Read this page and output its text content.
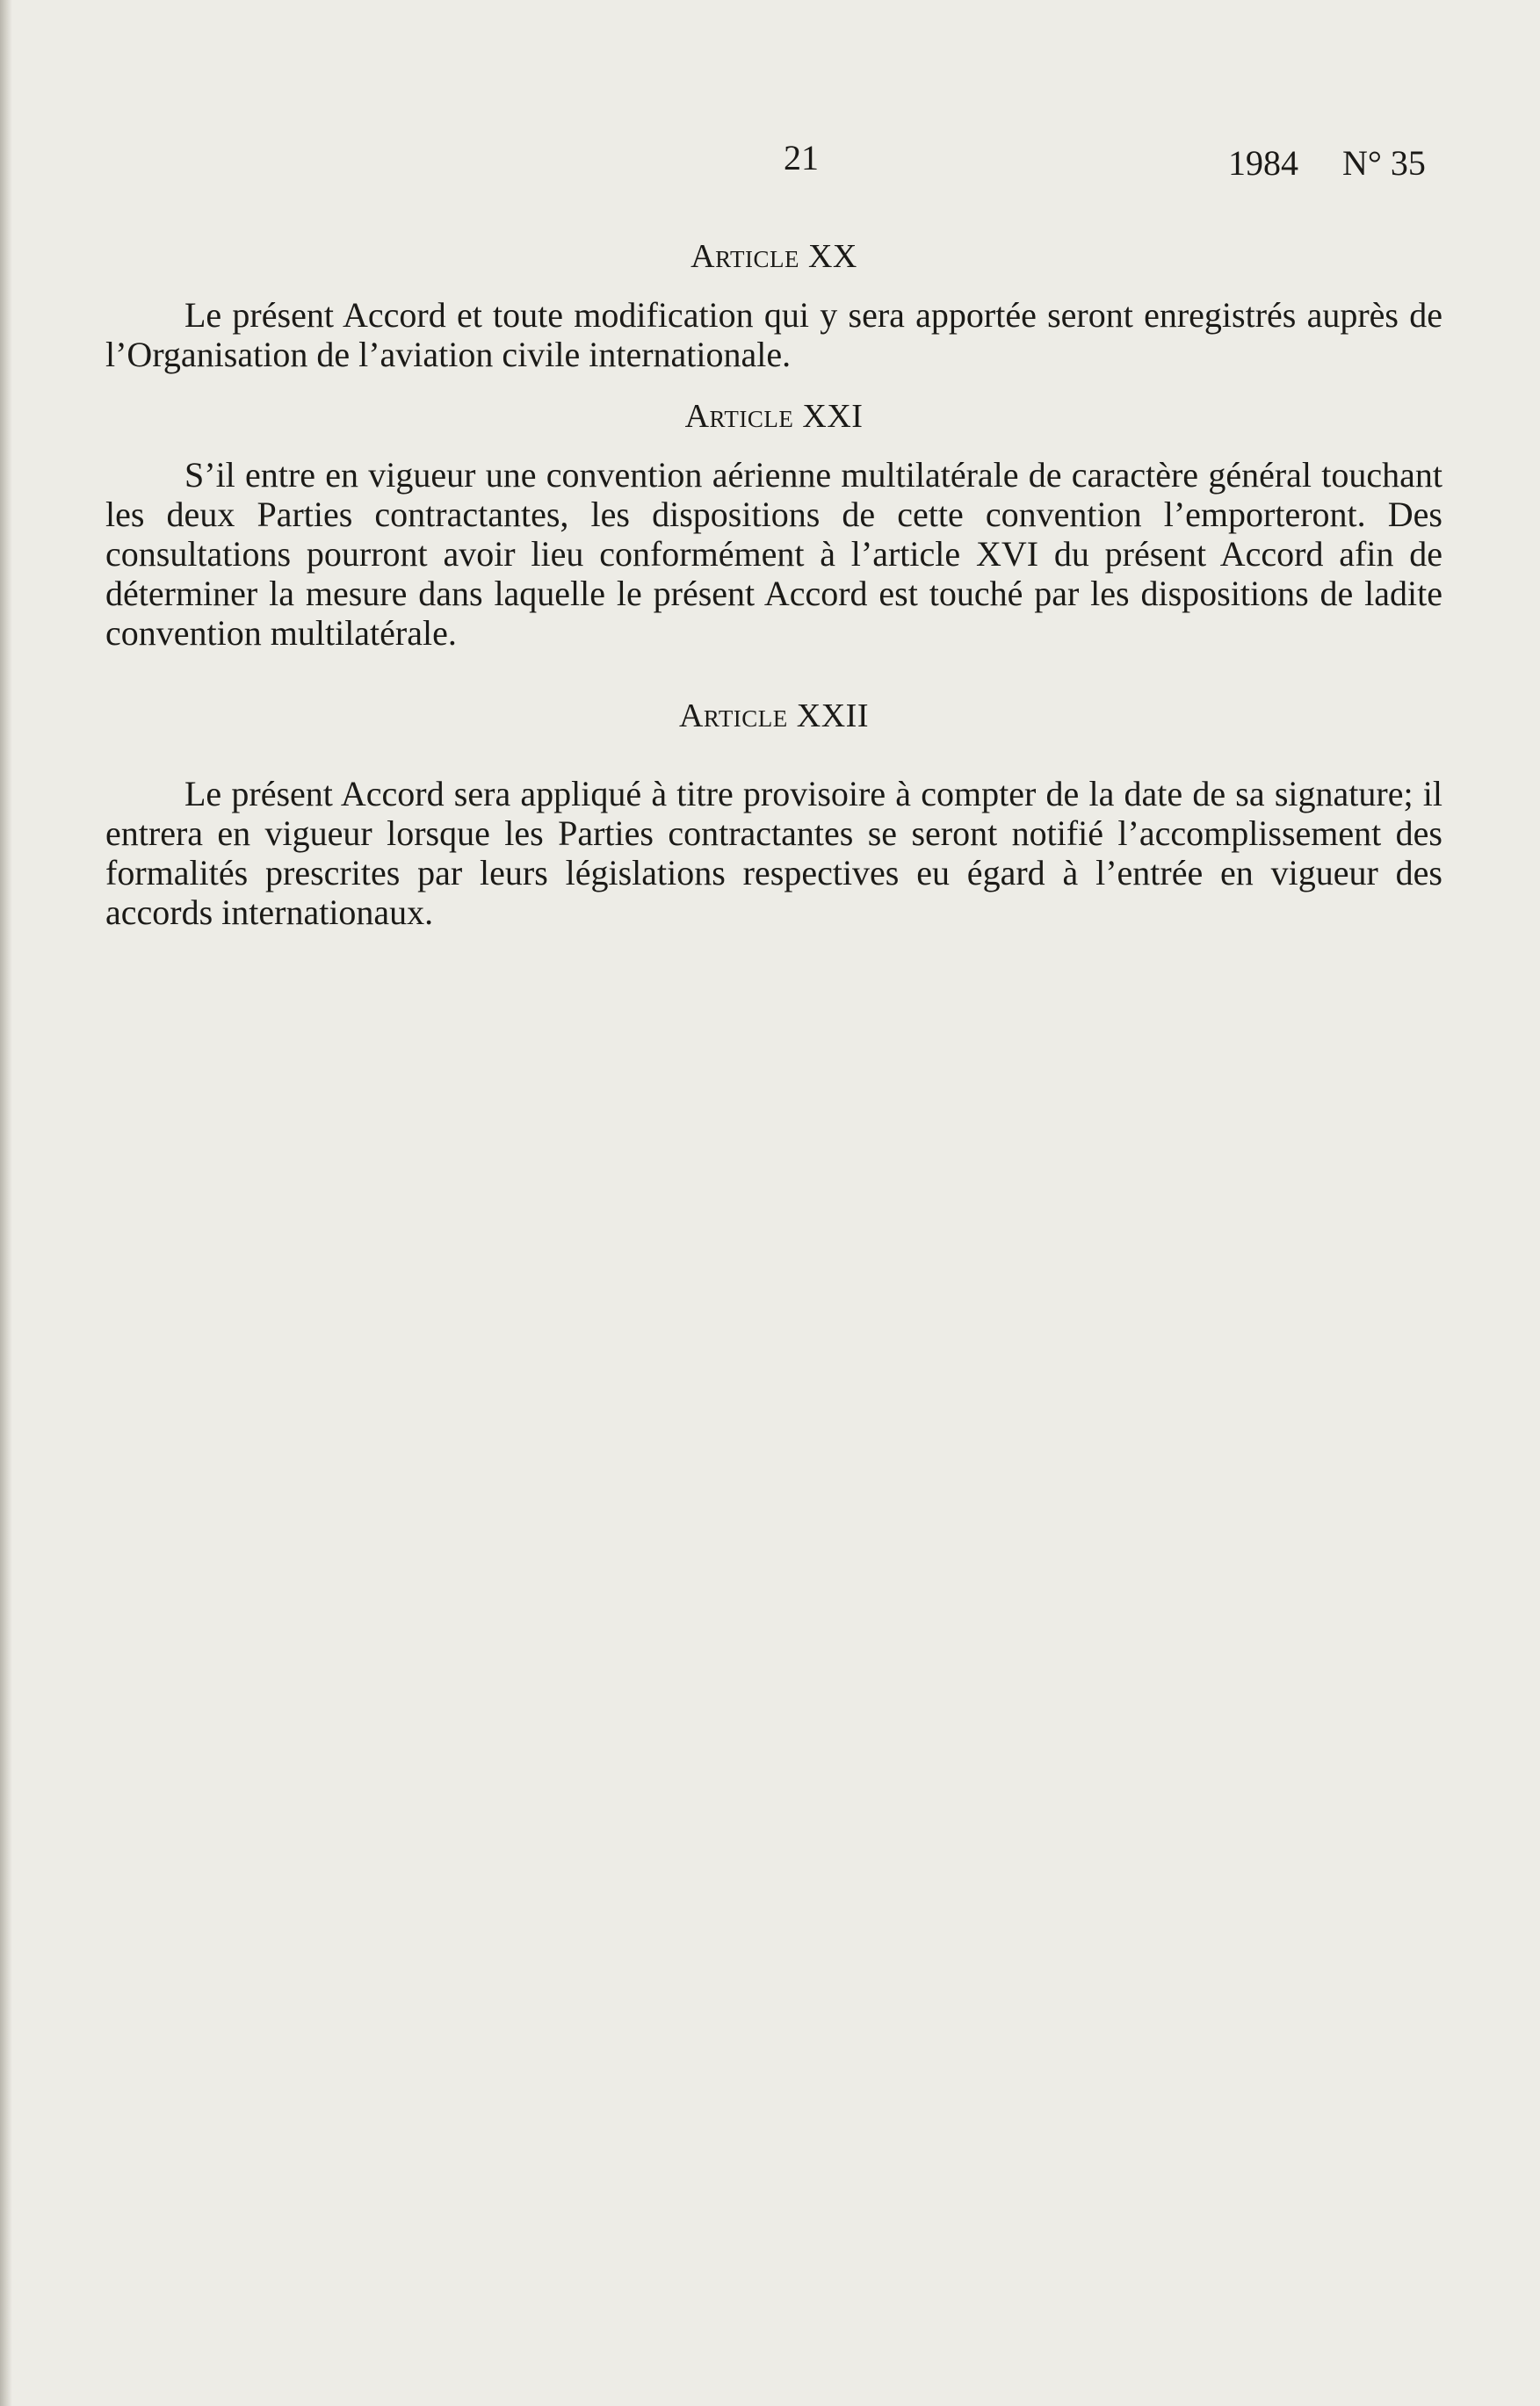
21	1984     N° 35
Article XX

Le présent Accord et toute modification qui y sera apportée seront enregistrés auprès de l’Organisation de l’aviation civile internationale.

Article XXI

S’il entre en vigueur une convention aérienne multilatérale de caractère général touchant les deux Parties contractantes, les dispositions de cette convention l’emporteront. Des consultations pourront avoir lieu conformément à l’article XVI du présent Accord afin de déterminer la mesure dans laquelle le présent Accord est touché par les dispositions de ladite convention multilatérale.

Article XXII

Le présent Accord sera appliqué à titre provisoire à compter de la date de sa signature; il entrera en vigueur lorsque les Parties contractantes se seront notifié l’accomplissement des formalités prescrites par leurs législations respectives eu égard à l’entrée en vigueur des accords internationaux.
